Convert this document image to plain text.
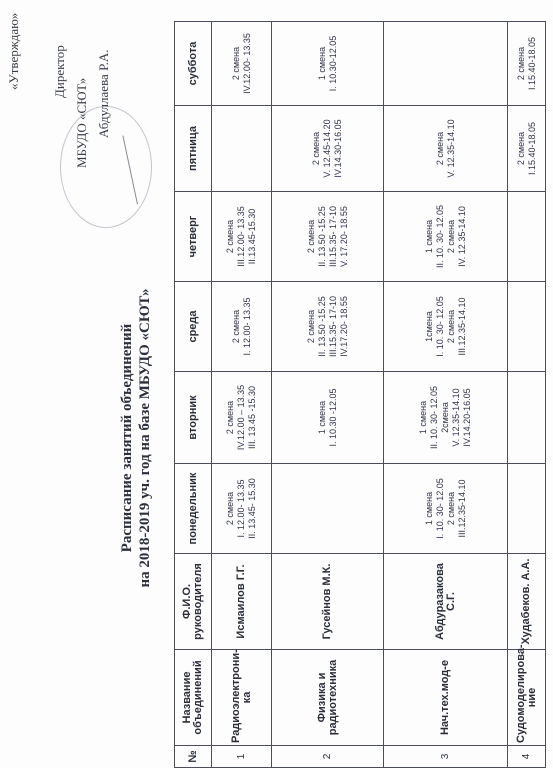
«Утверждаю» Директор
МБУДО «СЮТ» Абдуллаева Р.А.
Расписание занятий объединений на 2018-2019 уч. год на базе МБУДО «СЮТ»
№	Название объединений	Ф.И.О. руководителя	понедельник	вторник	среда	четверг	пятница	суббота
1	Радиоэлектрони-ка	Исмаилов Г.Г.	2 смена I. 12.00- 13.35 II. 13.45- 15.30	2 смена IV.12.00 – 13.35 III. 13.45 -15.30	2 смена I. 12.00- 13.35	2 смена III.12.00- 13.35 II.13.45-15.30		2 смена IV.12.00- 13.35

2	Физика и радиотехника	Гусейнов М.К.		1 смена I. 10.30 -12.05	2 смена II. 13.50 -15.25 III.15.35- 17-10 IV.17.20- 18.55	2 смена II. 13.50 -15.25 III.15.35- 17-10 V. 17.20- 18.55	2 смена V. 12.45-14.20 IV.14.30-16.05	1 смена I. 10.30-12.05

3	Нач.тех.мод-е	Абдуразакова С.Г.	1 смена I. 10. 30- 12.05 2 смена III.12.35-14.10	1 смена II. 10. 30- 12.05 2смена V. 12.35-14.10 IV.14.20-16.05	1смена I. 10. 30- 12.05 2 смена III.12.35-14.10	1 смена II. 10. 30- 12.05 2 смена IV. 12.35-14.10	2 смена V. 12.35-14.10	

4	Судомоделирова-ние	Худабеков. А.А.					2 смена I.15.40-18.05	2 смена I.15.40-18.05
